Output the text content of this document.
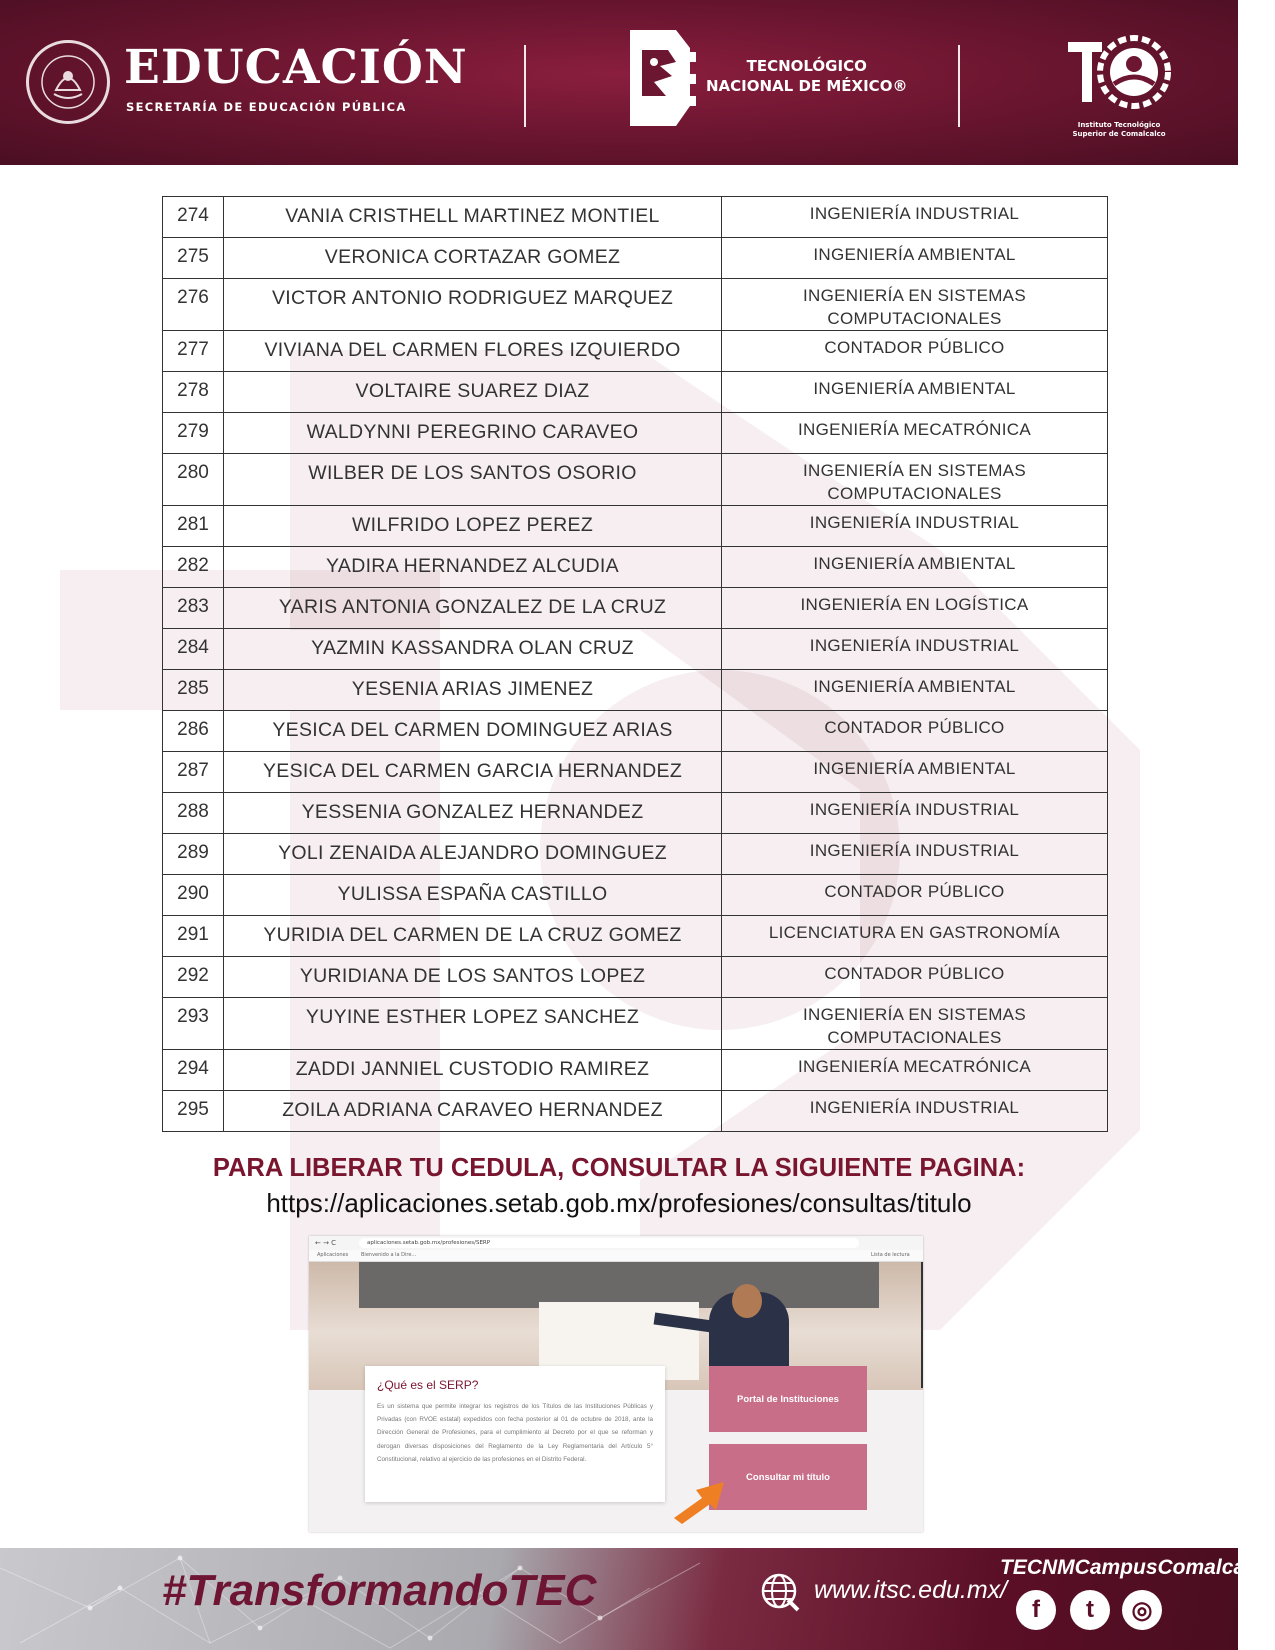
EDUCACIÓN
SECRETARÍA DE EDUCACIÓN PÚBLICA
TECNOLÓGICO
NACIONAL DE MÉXICO®
Instituto Tecnológico
Superior de Comalcalco
274	VANIA CRISTHELL MARTINEZ MONTIEL	INGENIERÍA INDUSTRIAL
275	VERONICA CORTAZAR GOMEZ	INGENIERÍA AMBIENTAL
276	VICTOR ANTONIO RODRIGUEZ MARQUEZ	INGENIERÍA EN SISTEMAS COMPUTACIONALES
277	VIVIANA DEL CARMEN FLORES IZQUIERDO	CONTADOR PÚBLICO
278	VOLTAIRE SUAREZ DIAZ	INGENIERÍA AMBIENTAL
279	WALDYNNI PEREGRINO CARAVEO	INGENIERÍA MECATRÓNICA
280	WILBER DE LOS SANTOS OSORIO	INGENIERÍA EN SISTEMAS COMPUTACIONALES
281	WILFRIDO LOPEZ PEREZ	INGENIERÍA INDUSTRIAL
282	YADIRA HERNANDEZ ALCUDIA	INGENIERÍA AMBIENTAL
283	YARIS ANTONIA GONZALEZ DE LA CRUZ	INGENIERÍA EN LOGÍSTICA
284	YAZMIN KASSANDRA OLAN CRUZ	INGENIERÍA INDUSTRIAL
285	YESENIA ARIAS JIMENEZ	INGENIERÍA AMBIENTAL
286	YESICA DEL CARMEN DOMINGUEZ ARIAS	CONTADOR PÚBLICO
287	YESICA DEL CARMEN GARCIA HERNANDEZ	INGENIERÍA AMBIENTAL
288	YESSENIA GONZALEZ HERNANDEZ	INGENIERÍA INDUSTRIAL
289	YOLI ZENAIDA ALEJANDRO DOMINGUEZ	INGENIERÍA INDUSTRIAL
290	YULISSA ESPAÑA CASTILLO	CONTADOR PÚBLICO
291	YURIDIA DEL CARMEN DE LA CRUZ GOMEZ	LICENCIATURA EN GASTRONOMÍA
292	YURIDIANA DE LOS SANTOS LOPEZ	CONTADOR PÚBLICO
293	YUYINE ESTHER LOPEZ SANCHEZ	INGENIERÍA EN SISTEMAS COMPUTACIONALES
294	ZADDI JANNIEL CUSTODIO RAMIREZ	INGENIERÍA MECATRÓNICA
295	ZOILA ADRIANA CARAVEO HERNANDEZ	INGENIERÍA INDUSTRIAL
PARA LIBERAR TU CEDULA, CONSULTAR LA SIGUIENTE PAGINA:
https://aplicaciones.setab.gob.mx/profesiones/consultas/titulo
← → C	aplicaciones.setab.gob.mx/profesiones/SERP
Aplicaciones	Bienvenido a la Dire...	Lista de lectura
¿Qué es el SERP?
Es un sistema que permite integrar los registros de los Títulos de las Instituciones Públicas y Privadas (con RVOE estatal) expedidos con fecha posterior al 01 de octubre de 2018, ante la Dirección General de Profesiones, para el cumplimiento al Decreto por el que se reforman y derogan diversas disposiciones del Reglamento de la Ley Reglamentaria del Artículo 5° Constitucional, relativo al ejercicio de las profesiones en el Distrito Federal.
Portal de Instituciones
Consultar mi título
#TransformandoTEC	www.itsc.edu.mx/
TECNMCampusComalcalco
f	t	◎
